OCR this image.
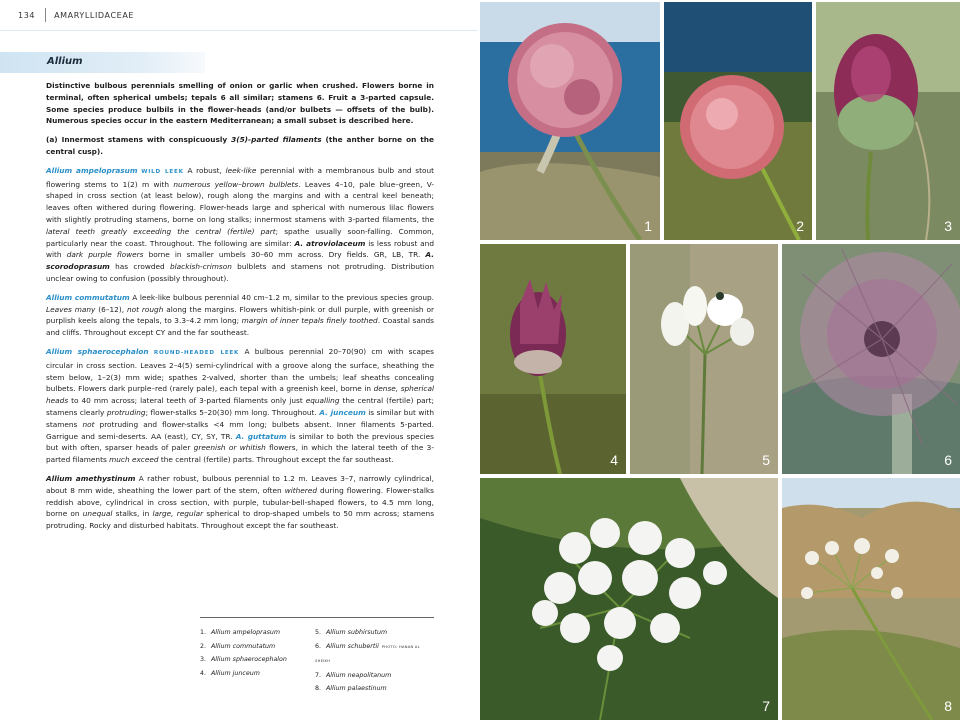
134 AMARYLLIDACEAE
Allium

Distinctive bulbous perennials smelling of onion or garlic when crushed. Flowers borne in terminal, often spherical umbels; tepals 6 all similar; stamens 6. Fruit a 3-parted capsule. Some species produce bulbils in the flower-heads (and/or bulbets — offsets of the bulb). Numerous species occur in the eastern Mediterranean; a small subset is described here.

(a) Innermost stamens with conspicuously 3(5)-parted filaments (the anther borne on the central cusp).

Allium ampeloprasum WILD LEEK A robust, leek-like perennial with a membranous bulb and stout flowering stems to 1(2) m with numerous yellow–brown bulblets. Leaves 4–10, pale blue–green, V-shaped in cross section (at least below), rough along the margins and with a central keel beneath; leaves often withered during flowering. Flower-heads large and spherical with numerous lilac flowers with slightly protruding stamens, borne on long stalks; innermost stamens with 3-parted filaments, the lateral teeth greatly exceeding the central (fertile) part; spathe usually soon-falling. Common, particularly near the coast. Throughout. The following are similar: A. atroviolaceum is less robust and with dark purple flowers borne in smaller umbels 30–60 mm across. Dry fields. GR, LB, TR. A. scorodoprasum has crowded blackish-crimson bulblets and stamens not protruding. Distribution unclear owing to confusion (possibly throughout).

Allium commutatum A leek-like bulbous perennial 40 cm–1.2 m, similar to the previous species group. Leaves many (6–12), not rough along the margins. Flowers whitish-pink or dull purple, with greenish or purplish keels along the tepals, to 3.3–4.2 mm long; margin of inner tepals finely toothed. Coastal sands and cliffs. Throughout except CY and the far southeast.

Allium sphaerocephalon ROUND-HEADED LEEK A bulbous perennial 20–70(90) cm with scapes circular in cross section. Leaves 2–4(5) semi-cylindrical with a groove along the surface, sheathing the stem below, 1–2(3) mm wide; spathes 2-valved, shorter than the umbels; leaf sheaths concealing bulbets. Flowers dark purple–red (rarely pale), each tepal with a greenish keel, borne in dense, spherical heads to 40 mm across; lateral teeth of 3-parted filaments only just equalling the central (fertile) part; stamens clearly protruding; flower-stalks 5–20(30) mm long. Throughout. A. junceum is similar but with stamens not protruding and flower-stalks <4 mm long; bulbets absent. Inner filaments 5-parted. Garrigue and semi-deserts. AA (east), CY, SY, TR. A. guttatum is similar to both the previous species but with often, sparser heads of paler greenish or whitish flowers, in which the lateral teeth of the 3-parted filaments much exceed the central (fertile) parts. Throughout except the far southeast.

Allium amethystinum A rather robust, bulbous perennial to 1.2 m. Leaves 3–7, narrowly cylindrical, about 8 mm wide, sheathing the lower part of the stem, often withered during flowering. Flower-stalks reddish above, cylindrical in cross section, with purple, tubular-bell-shaped flowers, to 4.5 mm long, borne on unequal stalks, in large, regular spherical to drop-shaped umbels to 50 mm across; stamens protruding. Rocky and disturbed habitats. Throughout except the far southeast.

1. Allium ampeloprasum
2. Allium commutatum
3. Allium sphaerocephalon
4. Allium junceum
5. Allium subhirsutum
6. Allium schubertii PHOTO: HANAN AL SHEIKH
7. Allium neapolitanum
8. Allium palaestinum
1	2	3
4	5	6
7	8
